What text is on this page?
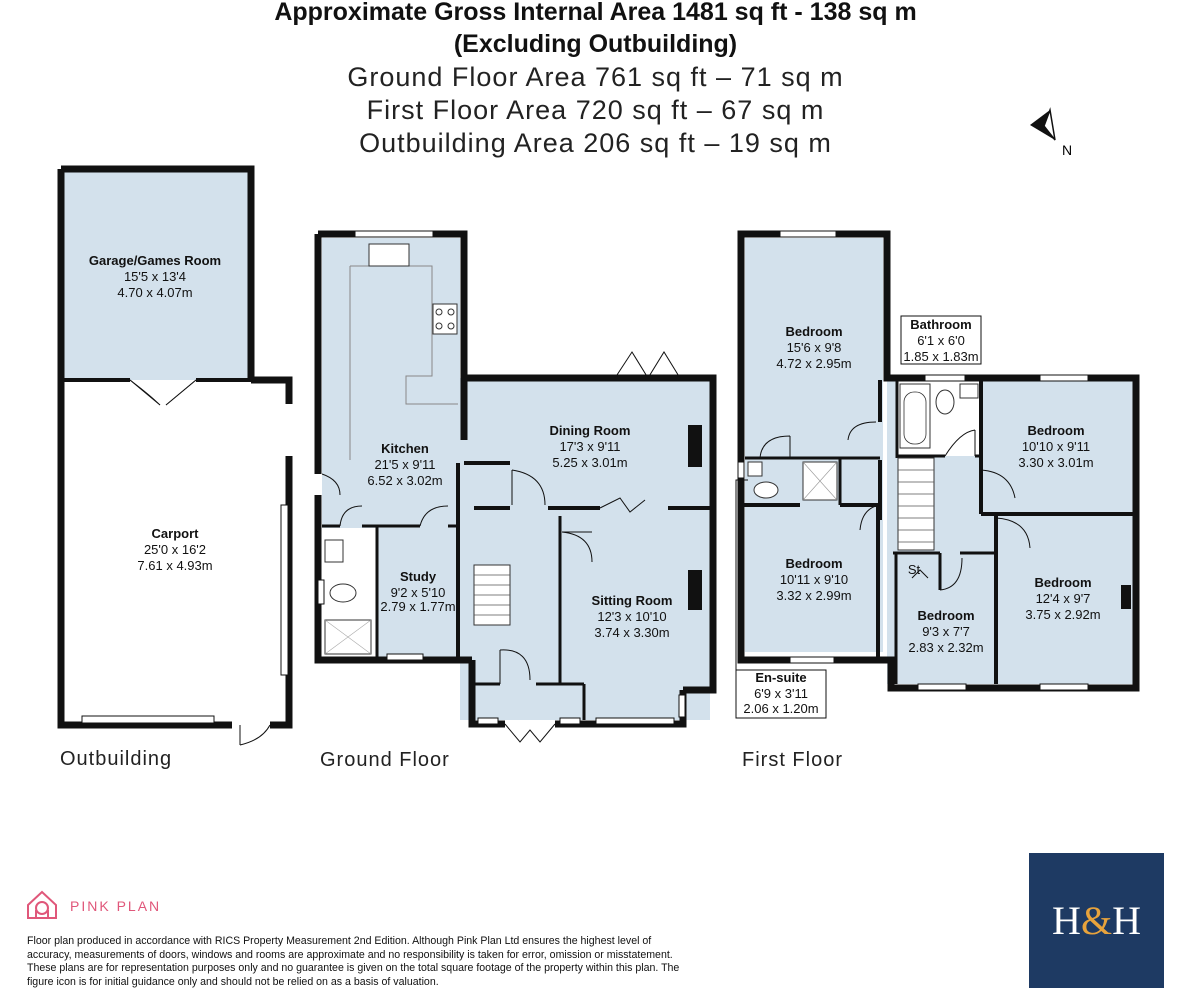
Approximate Gross Internal Area 1481 sq ft - 138 sq m
(Excluding Outbuilding)
Ground Floor Area 761 sq ft – 71 sq m
First Floor Area 720 sq ft – 67 sq m
Outbuilding Area 206 sq ft – 19 sq m	N
Garage/Games Room
15'5 x 13'4
4.70 x 4.07m
Carport
25'0 x 16'2
7.61 x 4.93m
Kitchen
21'5 x 9'11
6.52 x 3.02m
Dining Room
17'3 x 9'11
5.25 x 3.01m
Study
9'2 x 5'10
2.79 x 1.77m	Sitting Room
12'3 x 10'10
3.74 x 3.30m
Bedroom
15'6 x 9'8
4.72 x 2.95m
Bathroom
6'1 x 6'0
1.85 x 1.83m
Bedroom
10'10 x 9'11
3.30 x 3.01m
Bedroom
10'11 x 9'10
3.32 x 2.99m
Bedroom
12'4 x 9'7
3.75 x 2.92m
Bedroom
9'3 x 7'7
2.83 x 2.32m
St
En-suite
6'9 x 3'11
2.06 x 1.20m
Outbuilding	Ground Floor	First Floor
PINK PLAN
Floor plan produced in accordance with RICS Property Measurement 2nd Edition. Although Pink Plan Ltd ensures the highest level of accuracy, measurements of doors, windows and rooms are approximate and no responsibility is taken for error, omission or misstatement. These plans are for representation purposes only and no guarantee is given on the total square footage of the property within this plan. The figure icon is for initial guidance only and should not be relied on as a basis of valuation.
H&H
